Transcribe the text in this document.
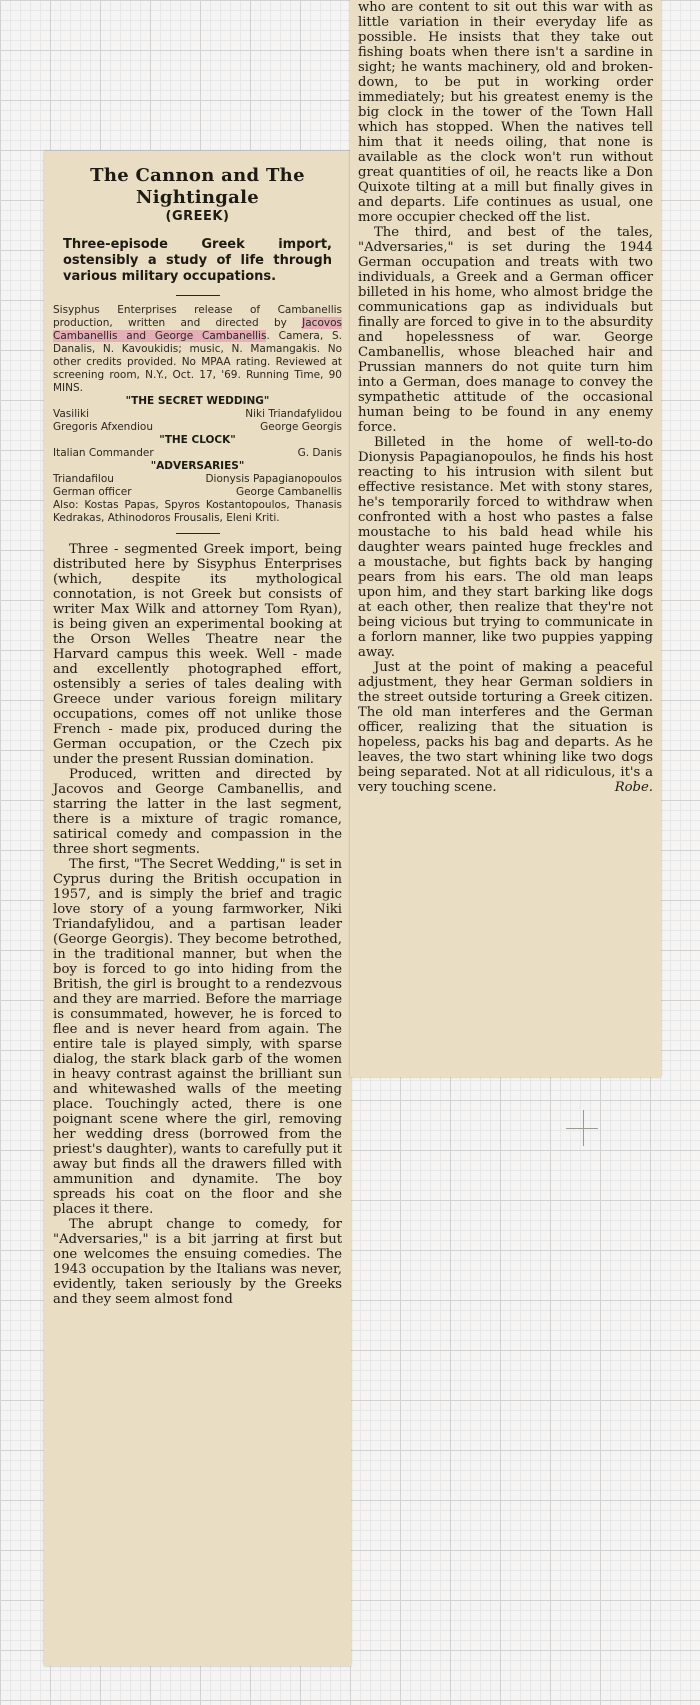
The Cannon and The
Nightingale
(GREEK)

Three-episode Greek import, ostensibly a study of life through various military occupations.

Sisyphus Enterprises release of Cambanellis production, written and directed by Jacovos Cambanellis and George Cambanellis. Camera, S. Danalis, N. Kavoukidis; music, N. Mamangakis. No other credits provided. No MPAA rating. Reviewed at screening room, N.Y., Oct. 17, '69. Running Time, 90 MINS.

"THE SECRET WEDDING"
Vasiliki	Niki Triandafylidou
Gregoris Afxendiou	George Georgis
"THE CLOCK"
Italian Commander	G. Danis
"ADVERSARIES"
Triandafilou	Dionysis Papagianopoulos
German officer	George Cambanellis

Also: Kostas Papas, Spyros Kostantopoulos, Thanasis Kedrakas, Athinodoros Frousalis, Eleni Kriti.

Three - segmented Greek import, being distributed here by Sisyphus Enterprises (which, despite its mythological connotation, is not Greek but consists of writer Max Wilk and attorney Tom Ryan), is being given an experimental booking at the Orson Welles Theatre near the Harvard campus this week. Well - made and excellently photographed effort, ostensibly a series of tales dealing with Greece under various foreign military occupations, comes off not unlike those French - made pix, produced during the German occupation, or the Czech pix under the present Russian domination.

Produced, written and directed by Jacovos and George Cambanellis, and starring the latter in the last segment, there is a mixture of tragic romance, satirical comedy and compassion in the three short segments.

The first, "The Secret Wedding," is set in Cyprus during the British occupation in 1957, and is simply the brief and tragic love story of a young farmworker, Niki Triandafylidou, and a partisan leader (George Georgis). They become betrothed, in the traditional manner, but when the boy is forced to go into hiding from the British, the girl is brought to a rendezvous and they are married. Before the marriage is consummated, however, he is forced to flee and is never heard from again. The entire tale is played simply, with sparse dialog, the stark black garb of the women in heavy contrast against the brilliant sun and whitewashed walls of the meeting place. Touchingly acted, there is one poignant scene where the girl, removing her wedding dress (borrowed from the priest's daughter), wants to carefully put it away but finds all the drawers filled with ammunition and dynamite. The boy spreads his coat on the floor and she places it there.

The abrupt change to comedy, for "Adversaries," is a bit jarring at first but one welcomes the ensuing comedies. The 1943 occupation by the Italians was never, evidently, taken seriously by the Greeks and they seem almost fond

who are content to sit out this war with as little variation in their everyday life as possible. He insists that they take out fishing boats when there isn't a sardine in sight; he wants machinery, old and broken-down, to be put in working order immediately; but his greatest enemy is the big clock in the tower of the Town Hall which has stopped. When the natives tell him that it needs oiling, that none is available as the clock won't run without great quantities of oil, he reacts like a Don Quixote tilting at a mill but finally gives in and departs. Life continues as usual, one more occupier checked off the list.

The third, and best of the tales, "Adversaries," is set during the 1944 German occupation and treats with two individuals, a Greek and a German officer billeted in his home, who almost bridge the communications gap as individuals but finally are forced to give in to the absurdity and hopelessness of war. George Cambanellis, whose bleached hair and Prussian manners do not quite turn him into a German, does manage to convey the sympathetic attitude of the occasional human being to be found in any enemy force.

Billeted in the home of well-to-do Dionysis Papagianopoulos, he finds his host reacting to his intrusion with silent but effective resistance. Met with stony stares, he's temporarily forced to withdraw when confronted with a host who pastes a false moustache to his bald head while his daughter wears painted huge freckles and a moustache, but fights back by hanging pears from his ears. The old man leaps upon him, and they start barking like dogs at each other, then realize that they're not being vicious but trying to communicate in a forlorn manner, like two puppies yapping away.

Just at the point of making a peaceful adjustment, they hear German soldiers in the street outside torturing a Greek citizen. The old man interferes and the German officer, realizing that the situation is hopeless, packs his bag and departs. As he leaves, the two start whining like two dogs being separated. Not at all ridiculous, it's a very touching scene.	Robe.
